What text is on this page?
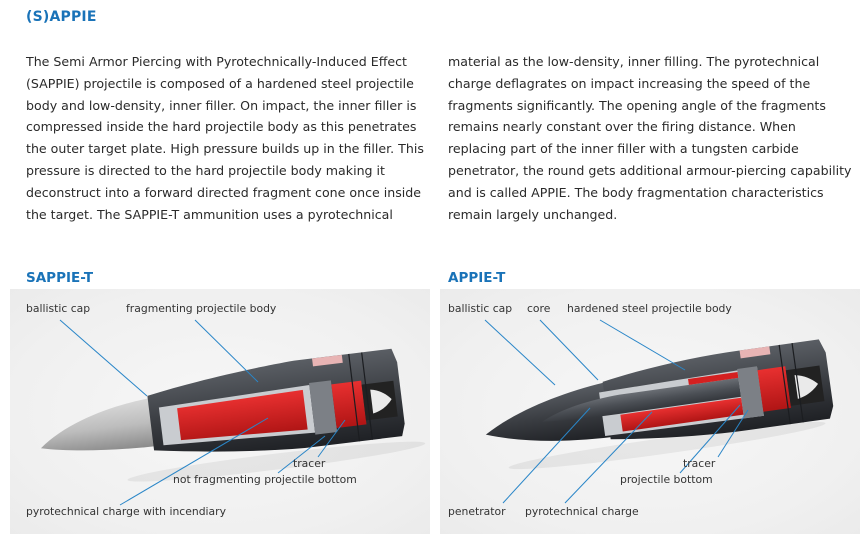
(S)APPIE

The Semi Armor Piercing with Pyrotechnically-Induced Effect (SAPPIE) projectile is composed of a hardened steel projectile body and low-density, inner filler. On impact, the inner filler is compressed inside the hard projectile body as this penetrates the outer target plate. High pressure builds up in the filler. This pressure is directed to the hard projectile body making it deconstruct into a forward directed fragment cone once inside the target. The SAPPIE-T ammunition uses a pyrotechnical

material as the low-density, inner filling. The pyrotechnical charge deflagrates on impact increasing the speed of the fragments significantly. The opening angle of the fragments remains nearly constant over the firing distance. When replacing part of the inner filler with a tungsten carbide penetrator, the round gets additional armour-piercing capability and is called APPIE. The body fragmentation characteristics remain largely unchanged.

SAPPIE-T	APPIE-T
ballistic cap	fragmenting projectile body
tracer
not fragmenting projectile bottom
pyrotechnical charge with incendiary
ballistic cap core hardened steel projectile body
tracer
projectile bottom
penetrator pyrotechnical charge
